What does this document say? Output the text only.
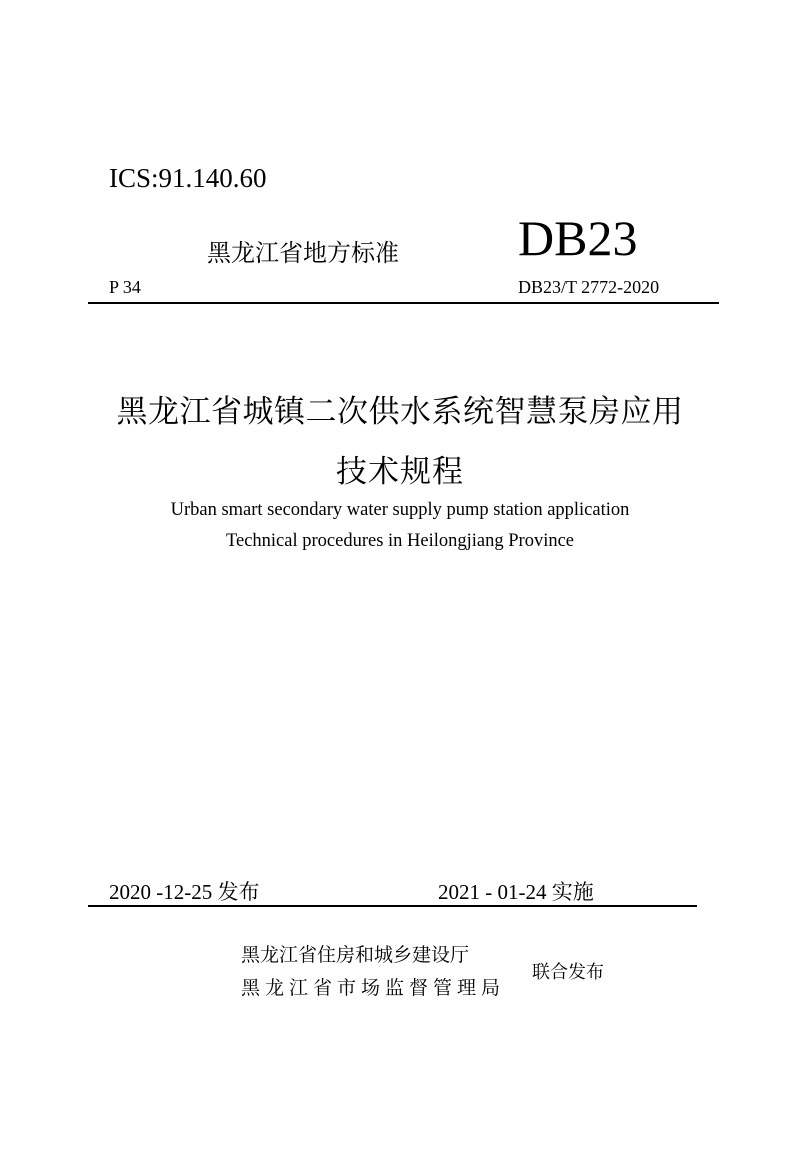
ICS:91.140.60
黑龙江省地方标准 DB23
P 34	DB23/T 2772-2020
黑龙江省城镇二次供水系统智慧泵房应用
技术规程
Urban smart secondary water supply pump station application
Technical procedures in Heilongjiang Province
2020 -12-25 发布	2021 - 01-24 实施
黑龙江省住房和城乡建设厅
黑龙江省市场监督管理局
联合发布
